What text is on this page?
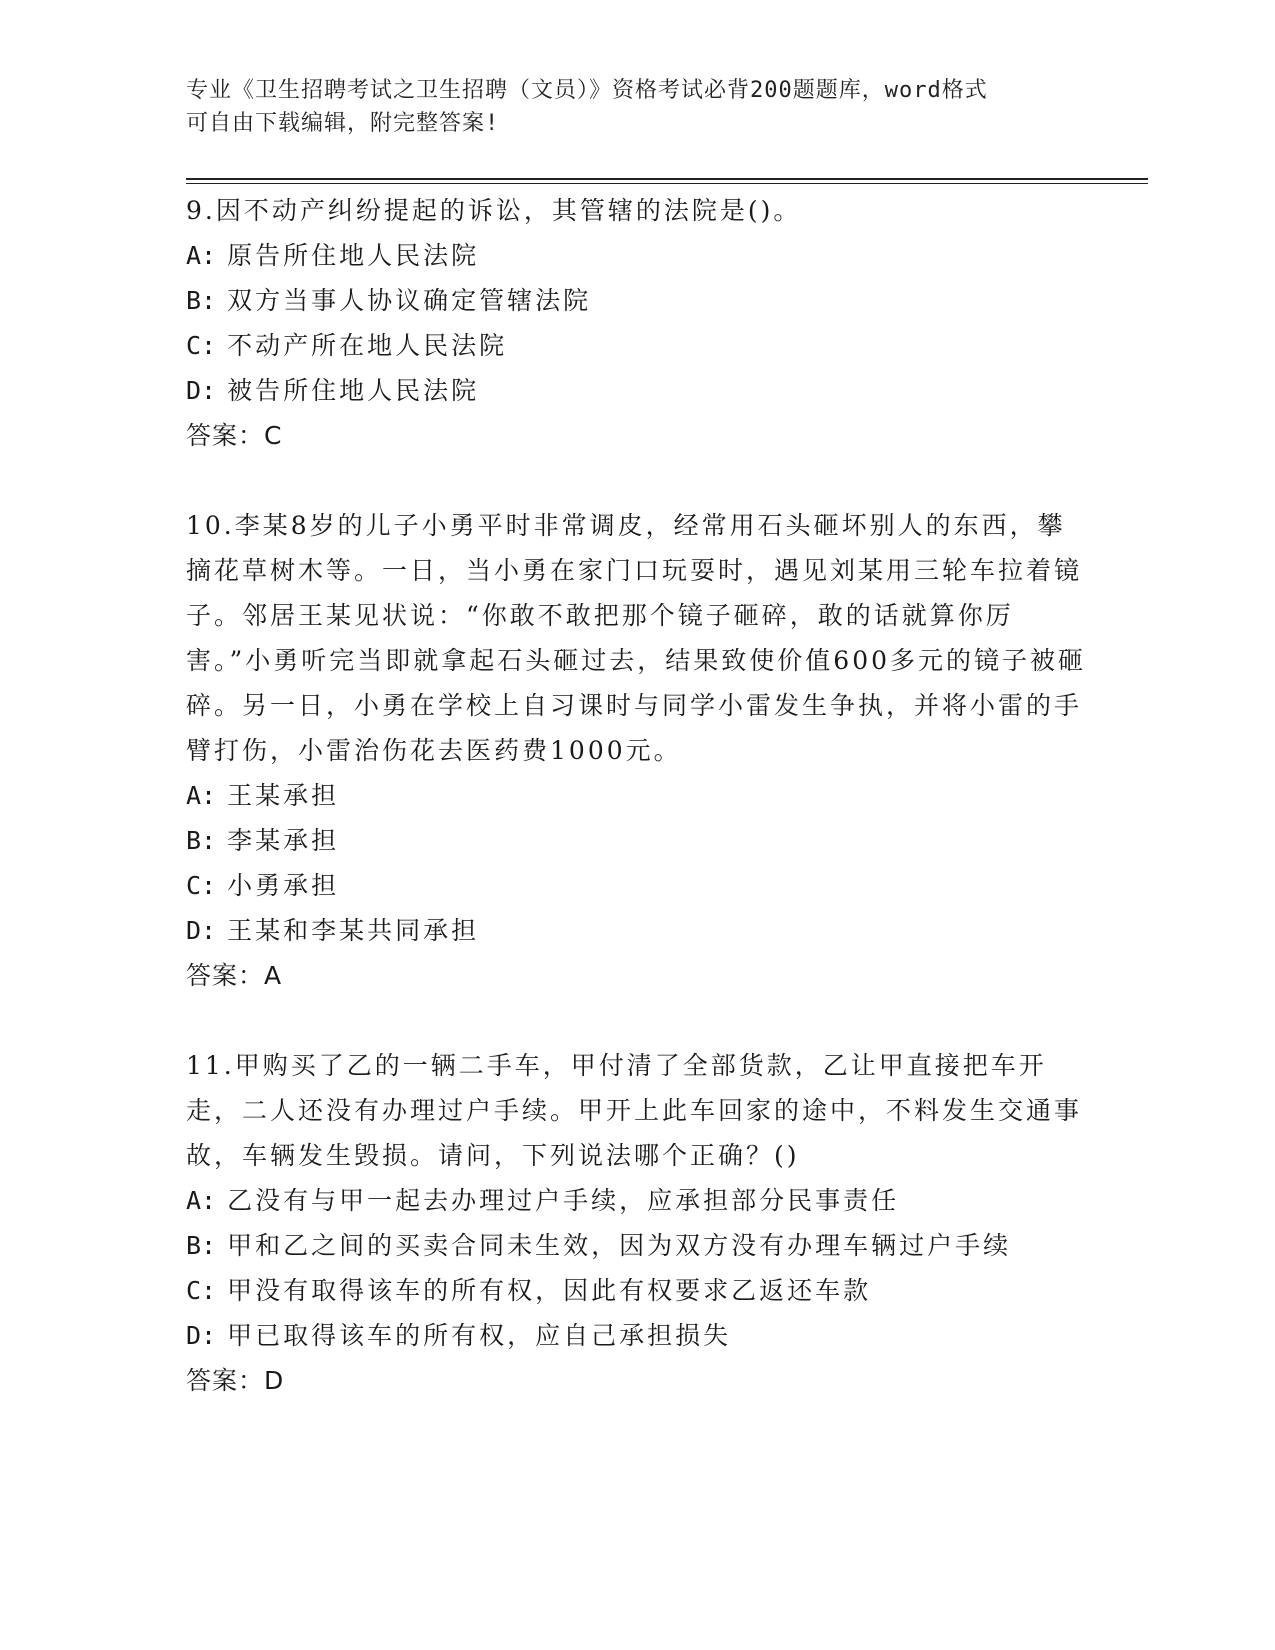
专业《卫生招聘考试之卫生招聘（文员）》资格考试必背200题题库，word格式
可自由下载编辑，附完整答案!

9.因不动产纠纷提起的诉讼，其管辖的法院是()。

A: 原告所住地人民法院

B: 双方当事人协议确定管辖法院

C: 不动产所在地人民法院

D: 被告所住地人民法院

答案：C

10.李某8岁的儿子小勇平时非常调皮，经常用石头砸坏别人的东西，攀摘花草树木等。一日，当小勇在家门口玩耍时，遇见刘某用三轮车拉着镜子。邻居王某见状说：“你敢不敢把那个镜子砸碎，敢的话就算你厉害。”小勇听完当即就拿起石头砸过去，结果致使价值600多元的镜子被砸碎。另一日，小勇在学校上自习课时与同学小雷发生争执，并将小雷的手臂打伤，小雷治伤花去医药费1000元。

A: 王某承担

B: 李某承担

C: 小勇承担

D: 王某和李某共同承担

答案：A

11.甲购买了乙的一辆二手车，甲付清了全部货款，乙让甲直接把车开走，二人还没有办理过户手续。甲开上此车回家的途中，不料发生交通事故，车辆发生毁损。请问，下列说法哪个正确？()

A: 乙没有与甲一起去办理过户手续，应承担部分民事责任

B: 甲和乙之间的买卖合同未生效，因为双方没有办理车辆过户手续

C: 甲没有取得该车的所有权，因此有权要求乙返还车款

D: 甲已取得该车的所有权，应自己承担损失

答案：D
